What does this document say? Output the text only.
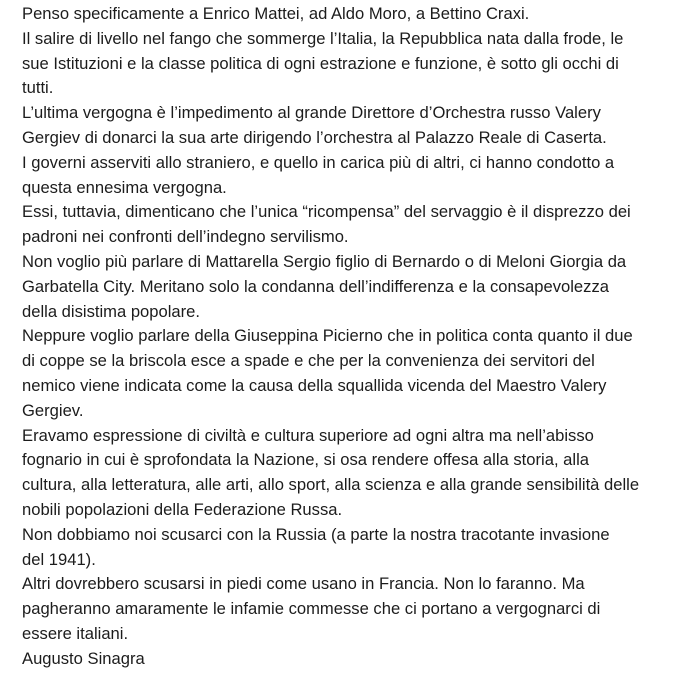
Penso specificamente a Enrico Mattei, ad Aldo Moro, a Bettino Craxi.
Il salire di livello nel fango che sommerge l’Italia, la Repubblica nata dalla frode, le
sue Istituzioni e la classe politica di ogni estrazione e funzione, è sotto gli occhi di
tutti.
L’ultima vergogna è l’impedimento al grande Direttore d’Orchestra russo Valery
Gergiev di donarci la sua arte dirigendo l’orchestra al Palazzo Reale di Caserta.
I governi asserviti allo straniero, e quello in carica più di altri, ci hanno condotto a
questa ennesima vergogna.
Essi, tuttavia, dimenticano che l’unica “ricompensa” del servaggio è il disprezzo dei
padroni nei confronti dell’indegno servilismo.
Non voglio più parlare di Mattarella Sergio figlio di Bernardo o di Meloni Giorgia da
Garbatella City. Meritano solo la condanna dell’indifferenza e la consapevolezza
della disistima popolare.
Neppure voglio parlare della Giuseppina Picierno che in politica conta quanto il due
di coppe se la briscola esce a spade e che per la convenienza dei servitori del
nemico viene indicata come la causa della squallida vicenda del Maestro Valery
Gergiev.
Eravamo espressione di civiltà e cultura superiore ad ogni altra ma nell’abisso
fognario in cui è sprofondata la Nazione, si osa rendere offesa alla storia, alla
cultura, alla letteratura, alle arti, allo sport, alla scienza e alla grande sensibilità delle
nobili popolazioni della Federazione Russa.
Non dobbiamo noi scusarci con la Russia (a parte la nostra tracotante invasione
del 1941).
Altri dovrebbero scusarsi in piedi come usano in Francia. Non lo faranno. Ma
pagheranno amaramente le infamie commesse che ci portano a vergognarci di
essere italiani.
Augusto Sinagra
